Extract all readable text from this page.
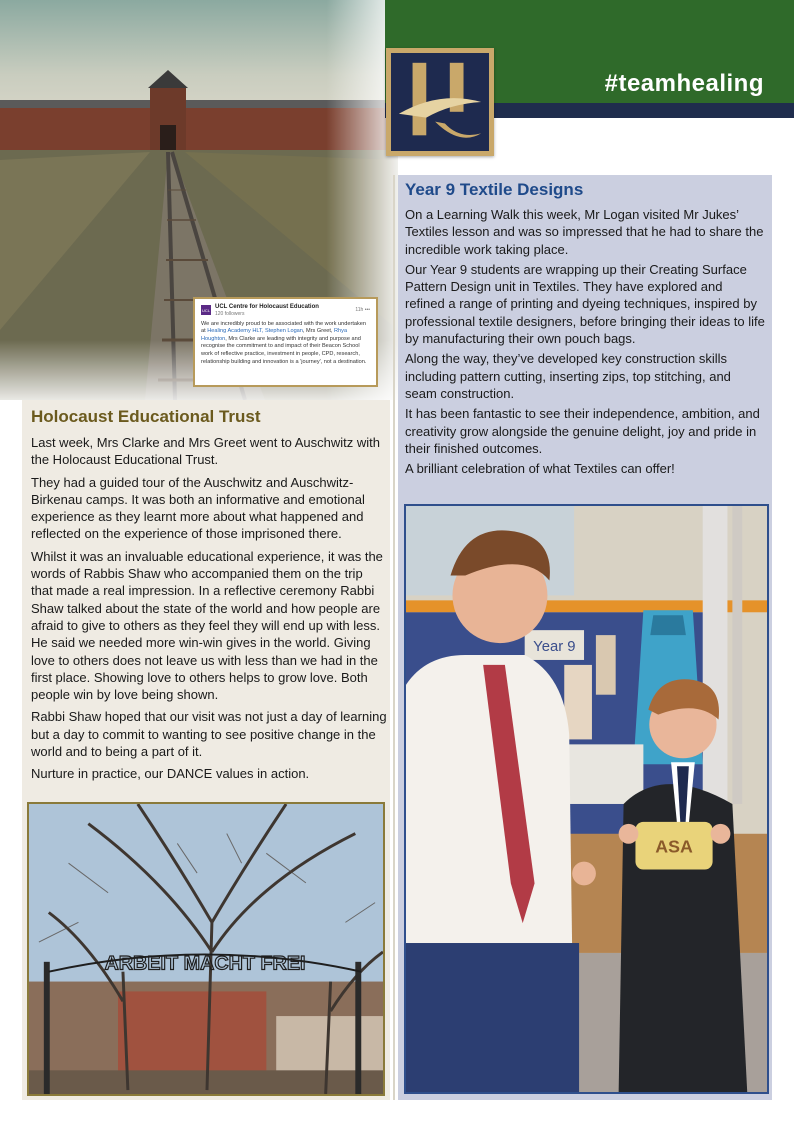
#teamhealing
UCL
UCL Centre for Holocaust Education
120 followers
11h •••
We are incredibly proud to be associated with the work undertaken at Healing Academy HLT, Stephen Logan, Mrs Greet, Rhya Houghton, Mrs Clarke are leading with integrity and purpose and recognise the commitment to and impact of their Beacon School work of reflective practice, investment in people, CPD, research, relationship building and innovation is a 'journey', not a destination.
Holocaust Educational Trust

Last week, Mrs Clarke and Mrs Greet went to Auschwitz with the Holocaust Educational Trust.

They had a guided tour of the Auschwitz and Auschwitz-Birkenau camps. It was both an informative and emotional experience as they learnt more about what happened and reflected on the experience of those imprisoned there.

Whilst it was an invaluable educational experience, it was the words of Rabbis Shaw who accompanied them on the trip that made a real impression. In a reflective ceremony Rabbi Shaw talked about the state of the world and how people are afraid to give to others as they feel they will end up with less. He said we needed more win-win gives in the world. Giving love to others does not leave us with less than we had in the first place. Showing love to others helps to grow love. Both people win by love being shown.

Rabbi Shaw hoped that our visit was not just a day of learning but a day to commit to wanting to see positive change in the world and to being a part of it.

Nurture in practice, our DANCE values in action.

ARBEIT MACHT FREI
Year 9 Textile Designs

On a Learning Walk this week, Mr Logan visited Mr Jukes’ Textiles lesson and was so impressed that he had to share the incredible work taking place.

Our Year 9 students are wrapping up their Creating Surface Pattern Design unit in Textiles. They have explored and refined a range of printing and dyeing techniques, inspired by professional textile designers, before bringing their ideas to life by manufacturing their own pouch bags.

Along the way, they’ve developed key construction skills including pattern cutting, inserting zips, top stitching, and seam construction.

It has been fantastic to see their independence, ambition, and creativity grow alongside the genuine delight, joy and pride in their finished outcomes.

A brilliant celebration of what Textiles can offer!

Year 9
ASA
